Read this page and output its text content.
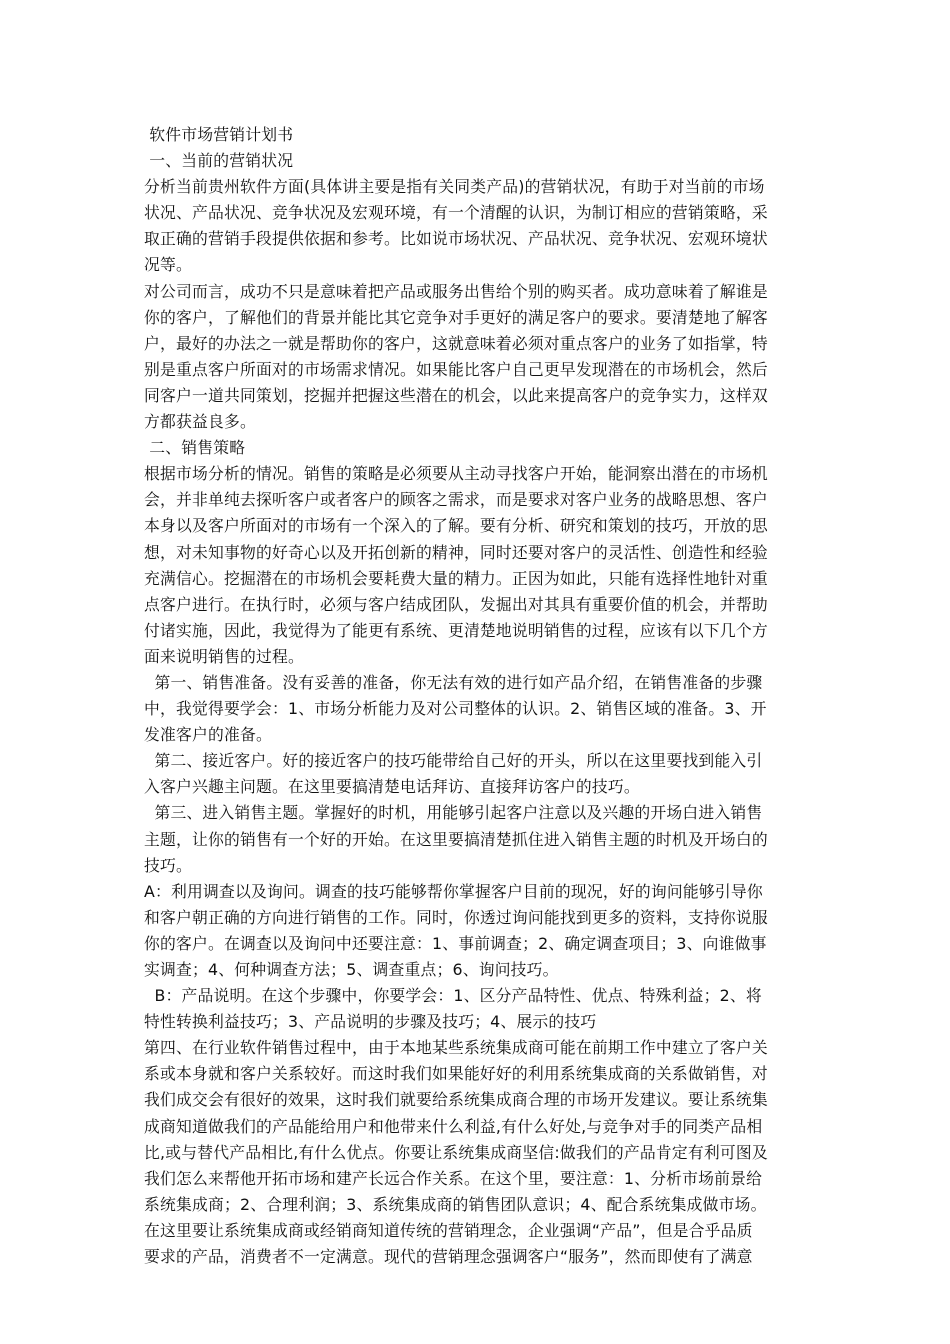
软件市场营销计划书
一、当前的营销状况
分析当前贵州软件方面(具体讲主要是指有关同类产品)的营销状况，有助于对当前的市场
状况、产品状况、竞争状况及宏观环境，有一个清醒的认识，为制订相应的营销策略，采
取正确的营销手段提供依据和参考。比如说市场状况、产品状况、竞争状况、宏观环境状
况等。
对公司而言，成功不只是意味着把产品或服务出售给个别的购买者。成功意味着了解谁是
你的客户，了解他们的背景并能比其它竞争对手更好的满足客户的要求。要清楚地了解客
户，最好的办法之一就是帮助你的客户，这就意味着必须对重点客户的业务了如指掌，特
别是重点客户所面对的市场需求情况。如果能比客户自己更早发现潜在的市场机会，然后
同客户一道共同策划，挖掘并把握这些潜在的机会，以此来提高客户的竞争实力，这样双
方都获益良多。
二、销售策略
根据市场分析的情况。销售的策略是必须要从主动寻找客户开始，能洞察出潜在的市场机
会，并非单纯去探听客户或者客户的顾客之需求，而是要求对客户业务的战略思想、客户
本身以及客户所面对的市场有一个深入的了解。要有分析、研究和策划的技巧，开放的思
想，对未知事物的好奇心以及开拓创新的精神，同时还要对客户的灵活性、创造性和经验
充满信心。挖掘潜在的市场机会要耗费大量的精力。正因为如此，只能有选择性地针对重
点客户进行。在执行时，必须与客户结成团队，发掘出对其具有重要价值的机会，并帮助
付诸实施，因此，我觉得为了能更有系统、更清楚地说明销售的过程，应该有以下几个方
面来说明销售的过程。
第一、销售准备。没有妥善的准备，你无法有效的进行如产品介绍，在销售准备的步骤
中，我觉得要学会：1、市场分析能力及对公司整体的认识。2、销售区域的准备。3、开
发准客户的准备。
第二、接近客户。好的接近客户的技巧能带给自己好的开头，所以在这里要找到能入引
入客户兴趣主问题。在这里要搞清楚电话拜访、直接拜访客户的技巧。
第三、进入销售主题。掌握好的时机，用能够引起客户注意以及兴趣的开场白进入销售
主题，让你的销售有一个好的开始。在这里要搞清楚抓住进入销售主题的时机及开场白的
技巧。
A：利用调查以及询问。调查的技巧能够帮你掌握客户目前的现况，好的询问能够引导你
和客户朝正确的方向进行销售的工作。同时，你透过询问能找到更多的资料，支持你说服
你的客户。在调查以及询问中还要注意：1、事前调查；2、确定调查项目；3、向谁做事
实调查；4、何种调查方法；5、调查重点；6、询问技巧。
B：产品说明。在这个步骤中，你要学会：1、区分产品特性、优点、特殊利益；2、将
特性转换利益技巧；3、产品说明的步骤及技巧；4、展示的技巧
第四、在行业软件销售过程中，由于本地某些系统集成商可能在前期工作中建立了客户关
系或本身就和客户关系较好。而这时我们如果能好好的利用系统集成商的关系做销售，对
我们成交会有很好的效果，这时我们就要给系统集成商合理的市场开发建议。要让系统集
成商知道做我们的产品能给用户和他带来什么利益,有什么好处,与竞争对手的同类产品相
比,或与替代产品相比,有什么优点。你要让系统集成商坚信:做我们的产品肯定有利可图及
我们怎么来帮他开拓市场和建产长远合作关系。在这个里，要注意：1、分析市场前景给
系统集成商；2、合理利润；3、系统集成商的销售团队意识；4、配合系统集成做市场。
在这里要让系统集成商或经销商知道传统的营销理念，企业强调“产品”，但是合乎品质
要求的产品，消费者不一定满意。现代的营销理念强调客户“服务”，然而即使有了满意
